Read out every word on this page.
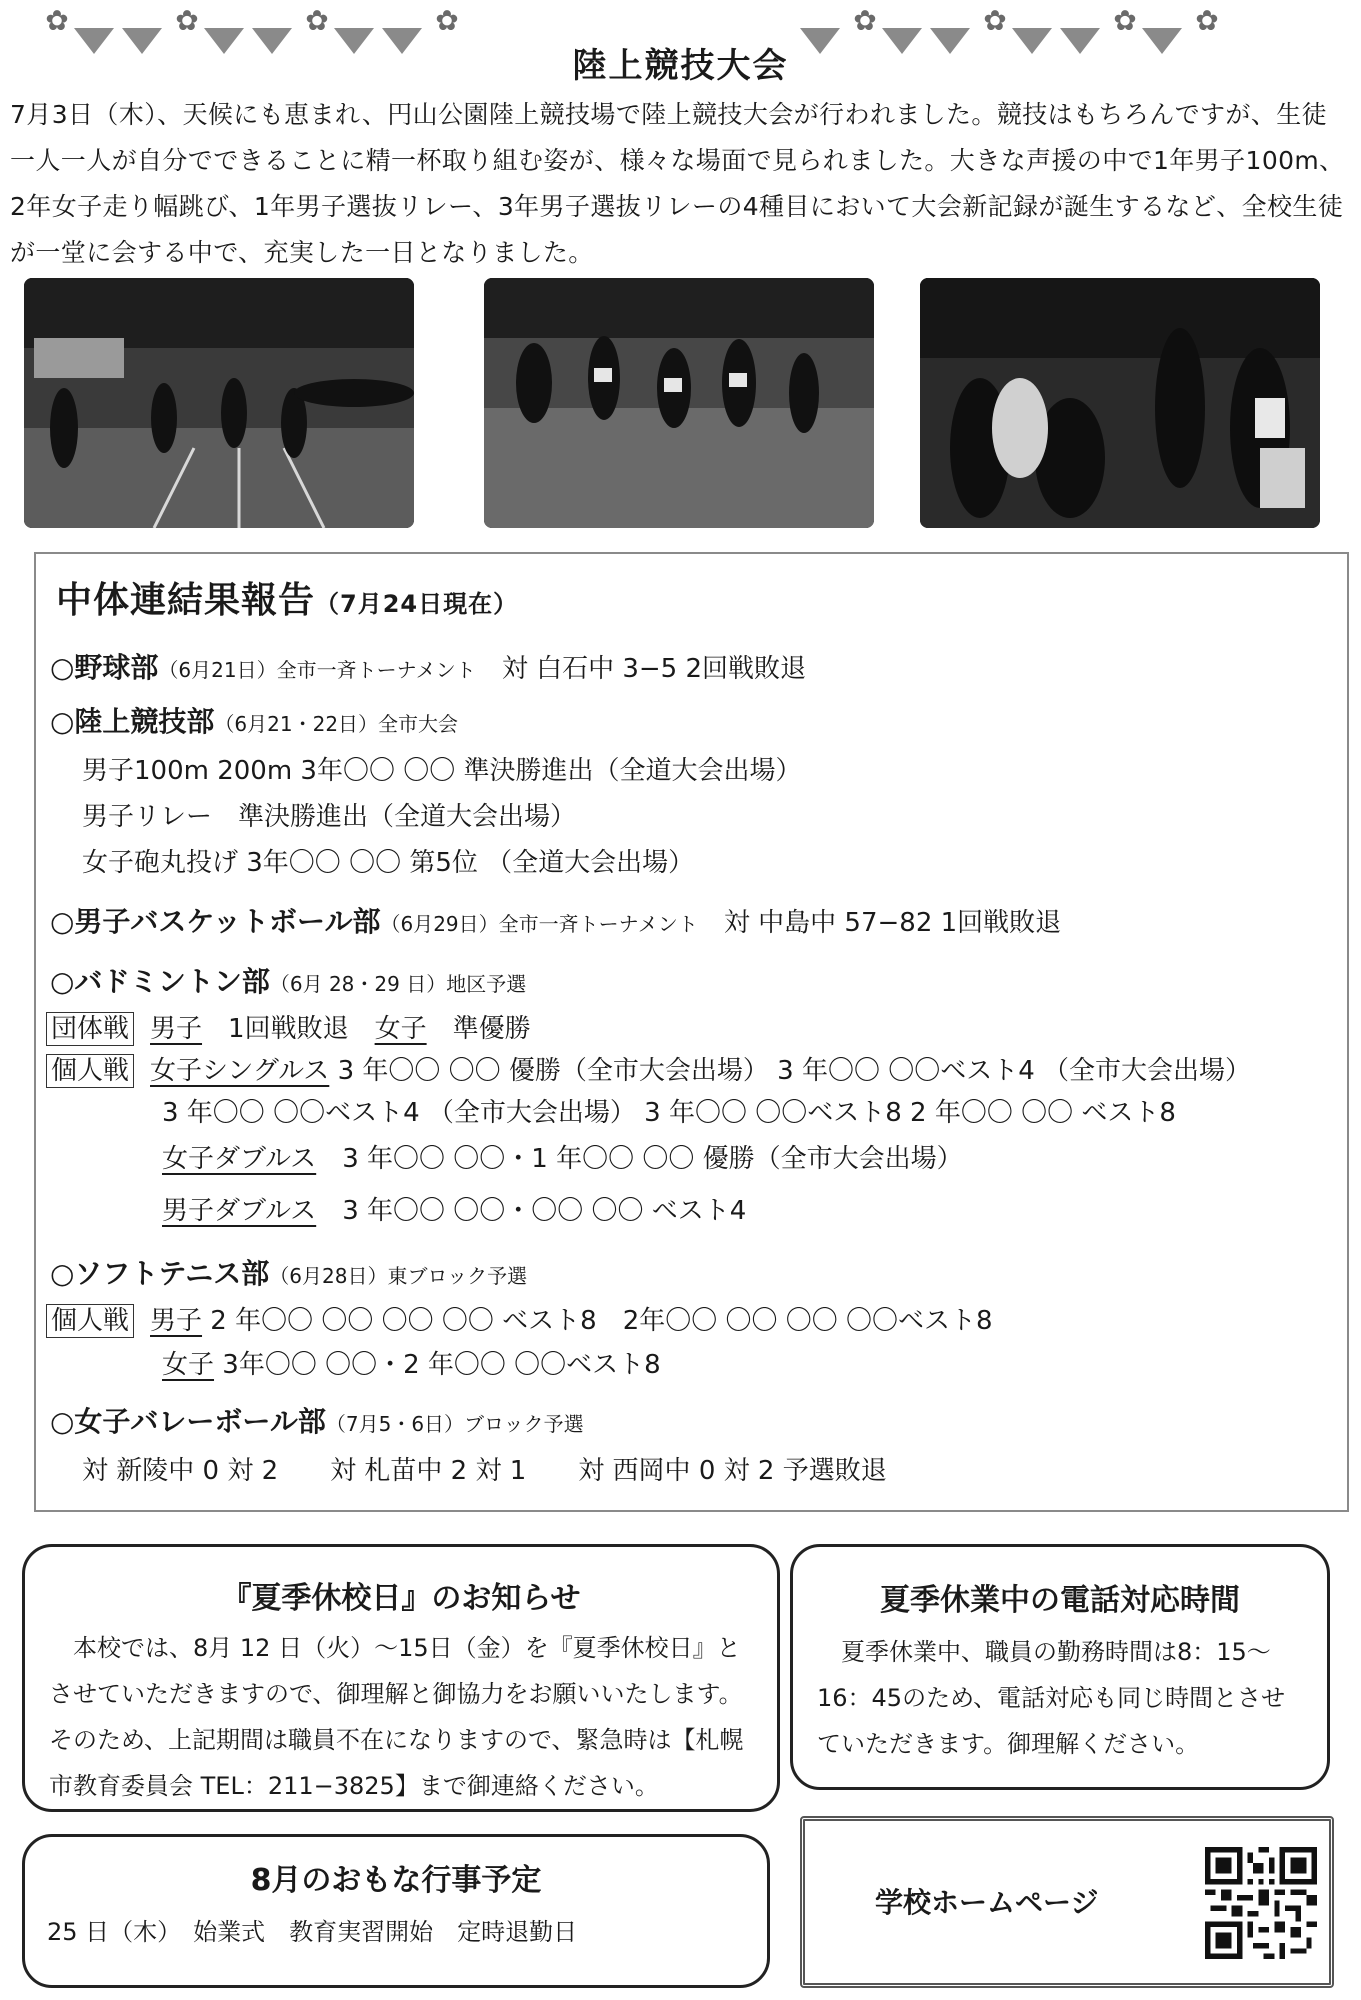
✿	✿	✿	✿	✿	✿	✿ ✿
陸上競技大会

7月3日（木）、天候にも恵まれ、円山公園陸上競技場で陸上競技大会が行われました。競技はもちろんですが、生徒一人一人が自分でできることに精一杯取り組む姿が、様々な場面で見られました。大きな声援の中で1年男子100m、2年女子走り幅跳び、1年男子選抜リレー、3年男子選抜リレーの4種目において大会新記録が誕生するなど、全校生徒が一堂に会する中で、充実した一日となりました。

中体連結果報告（7月24日現在）
○野球部（6月21日）全市一斉トーナメント　 対 白石中 3−5 2回戦敗退
○陸上競技部（6月21・22日）全市大会
男子100m 200m 3年〇〇 〇〇 準決勝進出（全道大会出場）
男子リレー　準決勝進出（全道大会出場）
女子砲丸投げ 3年〇〇 〇〇 第5位 （全道大会出場）
○男子バスケットボール部（6月29日）全市一斉トーナメント　 対 中島中 57−82 1回戦敗退
○バドミントン部（6月 28・29 日）地区予選
団体戦 男子　 1回戦敗退　 女子　 準優勝
個人戦 女子シングルス 3 年〇〇 〇〇 優勝（全市大会出場） 3 年〇〇 〇〇ベスト4 （全市大会出場）
3 年〇〇 〇〇ベスト4 （全市大会出場） 3 年〇〇 〇〇ベスト8 2 年〇〇 〇〇 ベスト8
女子ダブルス　 3 年〇〇 〇〇・1 年〇〇 〇〇 優勝（全市大会出場）
男子ダブルス　 3 年〇〇 〇〇・〇〇 〇〇 ベスト4
○ソフトテニス部（6月28日）東ブロック予選
個人戦 男子 2 年〇〇 〇〇 〇〇 〇〇 ベスト8　2年〇〇 〇〇 〇〇 〇〇ベスト8
女子 3年〇〇 〇〇・2 年〇〇 〇〇ベスト8
○女子バレーボール部（7月5・6日）ブロック予選
対 新陵中 0 対 2　　対 札苗中 2 対 1　　対 西岡中 0 対 2 予選敗退
『夏季休校日』のお知らせ

本校では、8月 12 日（火）～15日（金）を『夏季休校日』とさせていただきますので、御理解と御協力をお願いいたします。そのため、上記期間は職員不在になりますので、緊急時は【札幌市教育委員会 TEL：211−3825】まで御連絡ください。

夏季休業中の電話対応時間

夏季休業中、職員の勤務時間は8：15～16：45のため、電話対応も同じ時間とさせていただきます。御理解ください。

8月のおもな行事予定
25 日（木）　 始業式　教育実習開始　定時退勤日
学校ホームページ
